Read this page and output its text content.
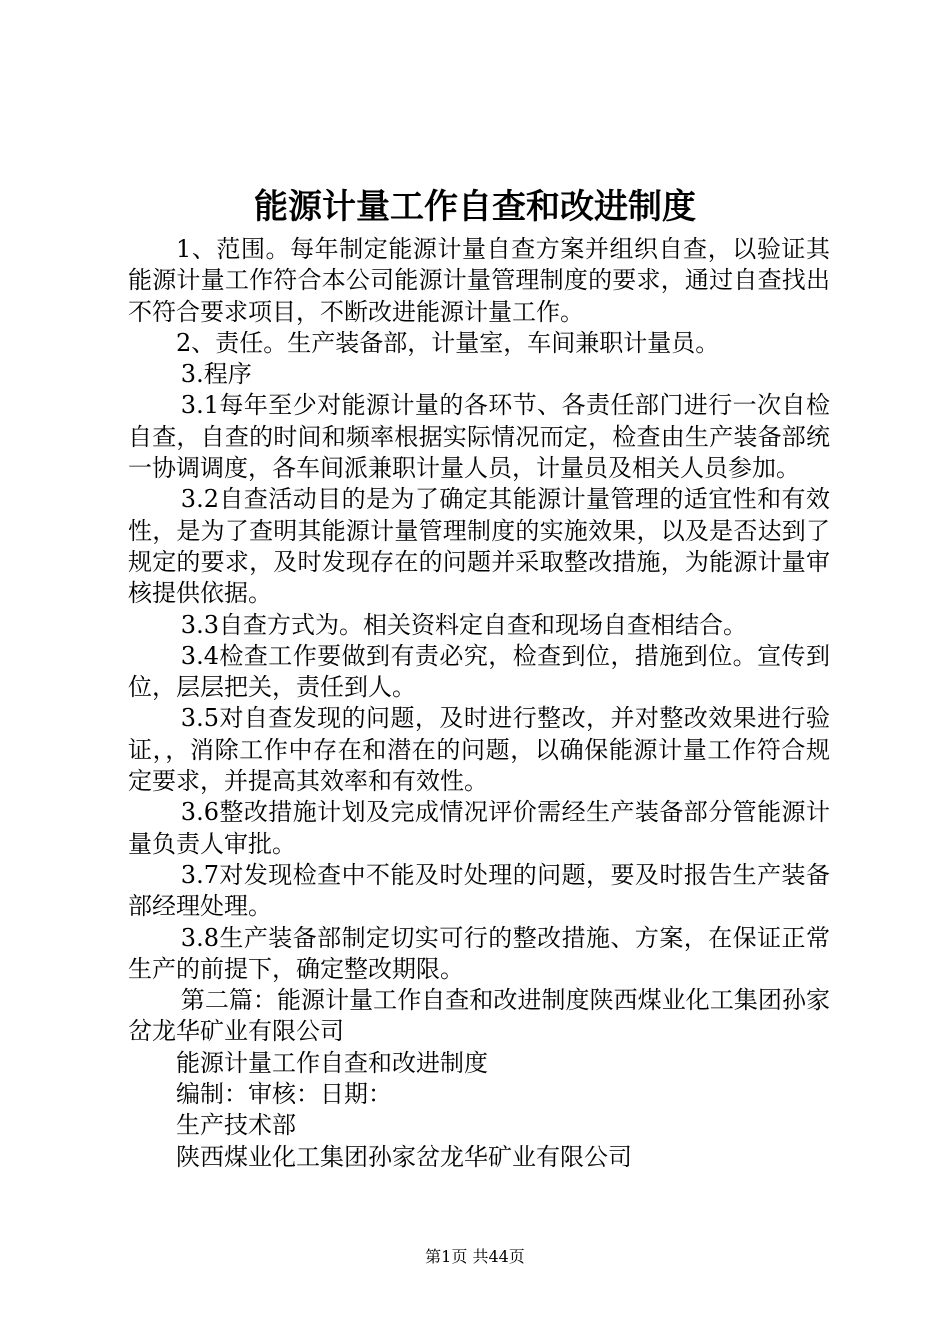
能源计量工作自查和改进制度

1、范围。每年制定能源计量自查方案并组织自查，以验证其能源计量工作符合本公司能源计量管理制度的要求，通过自查找出不符合要求项目，不断改进能源计量工作。

2、责任。生产装备部，计量室，车间兼职计量员。

3.程序

3.1每年至少对能源计量的各环节、各责任部门进行一次自检自查，自查的时间和频率根据实际情况而定，检查由生产装备部统一协调调度，各车间派兼职计量人员，计量员及相关人员参加。

3.2自查活动目的是为了确定其能源计量管理的适宜性和有效性，是为了查明其能源计量管理制度的实施效果，以及是否达到了规定的要求，及时发现存在的问题并采取整改措施，为能源计量审核提供依据。

3.3自查方式为。相关资料定自查和现场自查相结合。

3.4检查工作要做到有责必究，检查到位，措施到位。宣传到位，层层把关，责任到人。

3.5对自查发现的问题，及时进行整改，并对整改效果进行验证，，消除工作中存在和潜在的问题，以确保能源计量工作符合规定要求，并提高其效率和有效性。

3.6整改措施计划及完成情况评价需经生产装备部分管能源计量负责人审批。

3.7对发现检查中不能及时处理的问题，要及时报告生产装备部经理处理。

3.8生产装备部制定切实可行的整改措施、方案，在保证正常生产的前提下，确定整改期限。

第二篇：能源计量工作自查和改进制度陕西煤业化工集团孙家岔龙华矿业有限公司

能源计量工作自查和改进制度

编制：审核：日期：

生产技术部

陕西煤业化工集团孙家岔龙华矿业有限公司

第1页 共44页
